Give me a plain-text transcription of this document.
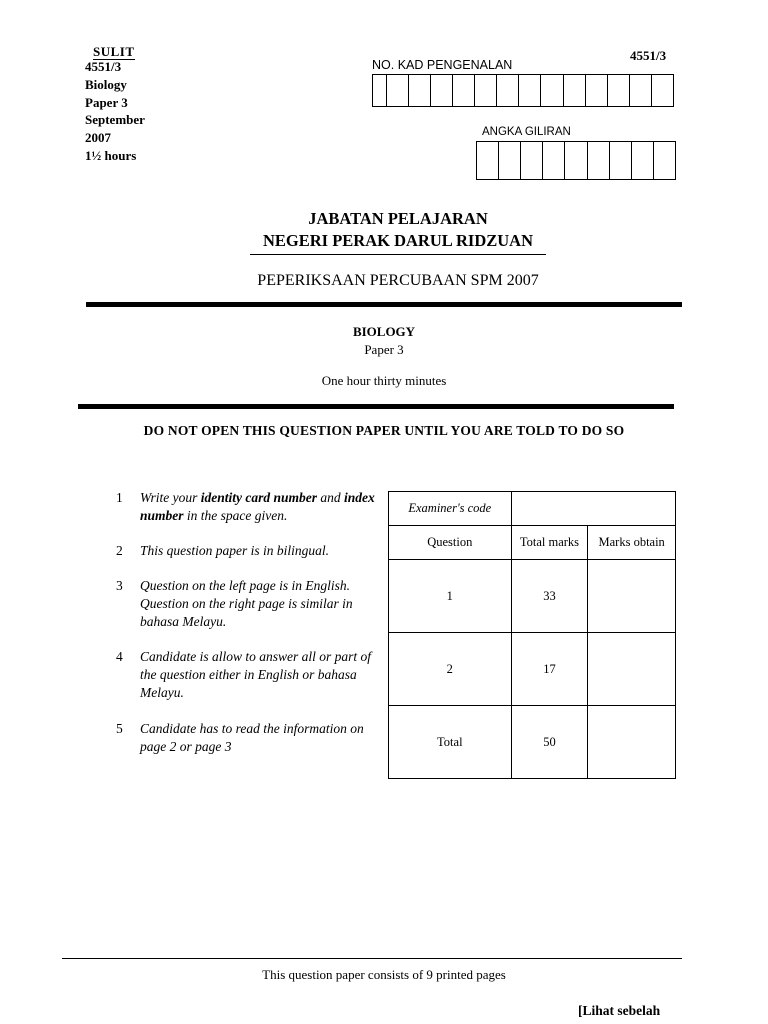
SULIT
4551/3
Biology
Paper 3
September
2007
1½ hours
4551/3
NO. KAD PENGENALAN
ANGKA GILIRAN
JABATAN PELAJARAN
NEGERI PERAK DARUL RIDZUAN
PEPERIKSAAN PERCUBAAN SPM 2007
BIOLOGY
Paper 3
One hour thirty minutes
DO NOT OPEN THIS QUESTION PAPER UNTIL YOU ARE TOLD TO DO SO
1 Write your identity card number and index number in the space given.
2 This question paper is in bilingual.
3 Question on the left page is in English. Question on the right page is similar in bahasa Melayu.
4 Candidate is allow to answer all or part of the question either in English or bahasa Melayu.
5 Candidate has to read the information on page 2 or page 3
Examiner's code		
Question	Total marks	Marks obtain
1	33	
2	17	
Total	50	
This question paper consists of 9 printed pages
[Lihat sebelah
